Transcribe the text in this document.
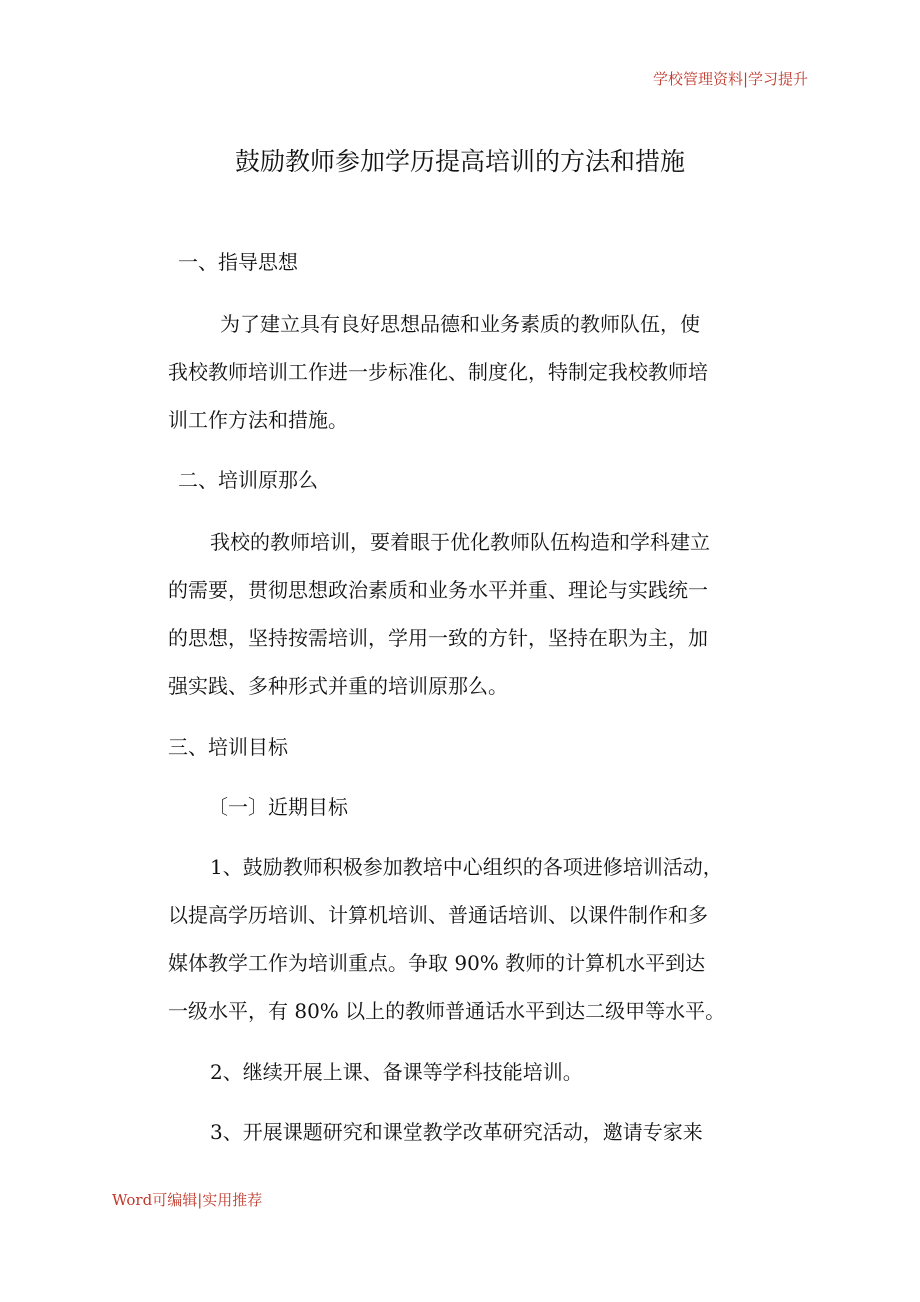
学校管理资料|学习提升
鼓励教师参加学历提高培训的方法和措施
一、指导思想
为了建立具有良好思想品德和业务素质的教师队伍，使
我校教师培训工作进一步标准化、制度化，特制定我校教师培
训工作方法和措施。
二、培训原那么
我校的教师培训，要着眼于优化教师队伍构造和学科建立
的需要，贯彻思想政治素质和业务水平并重、理论与实践统一
的思想，坚持按需培训，学用一致的方针，坚持在职为主，加
强实践、多种形式并重的培训原那么。
三、培训目标
〔一〕近期目标
1、鼓励教师积极参加教培中心组织的各项进修培训活动，
以提高学历培训、计算机培训、普通话培训、以课件制作和多
媒体教学工作为培训重点。争取 90% 教师的计算机水平到达
一级水平，有 80% 以上的教师普通话水平到达二级甲等水平。
2、继续开展上课、备课等学科技能培训。
3、开展课题研究和课堂教学改革研究活动，邀请专家来
Word可编辑|实用推荐
